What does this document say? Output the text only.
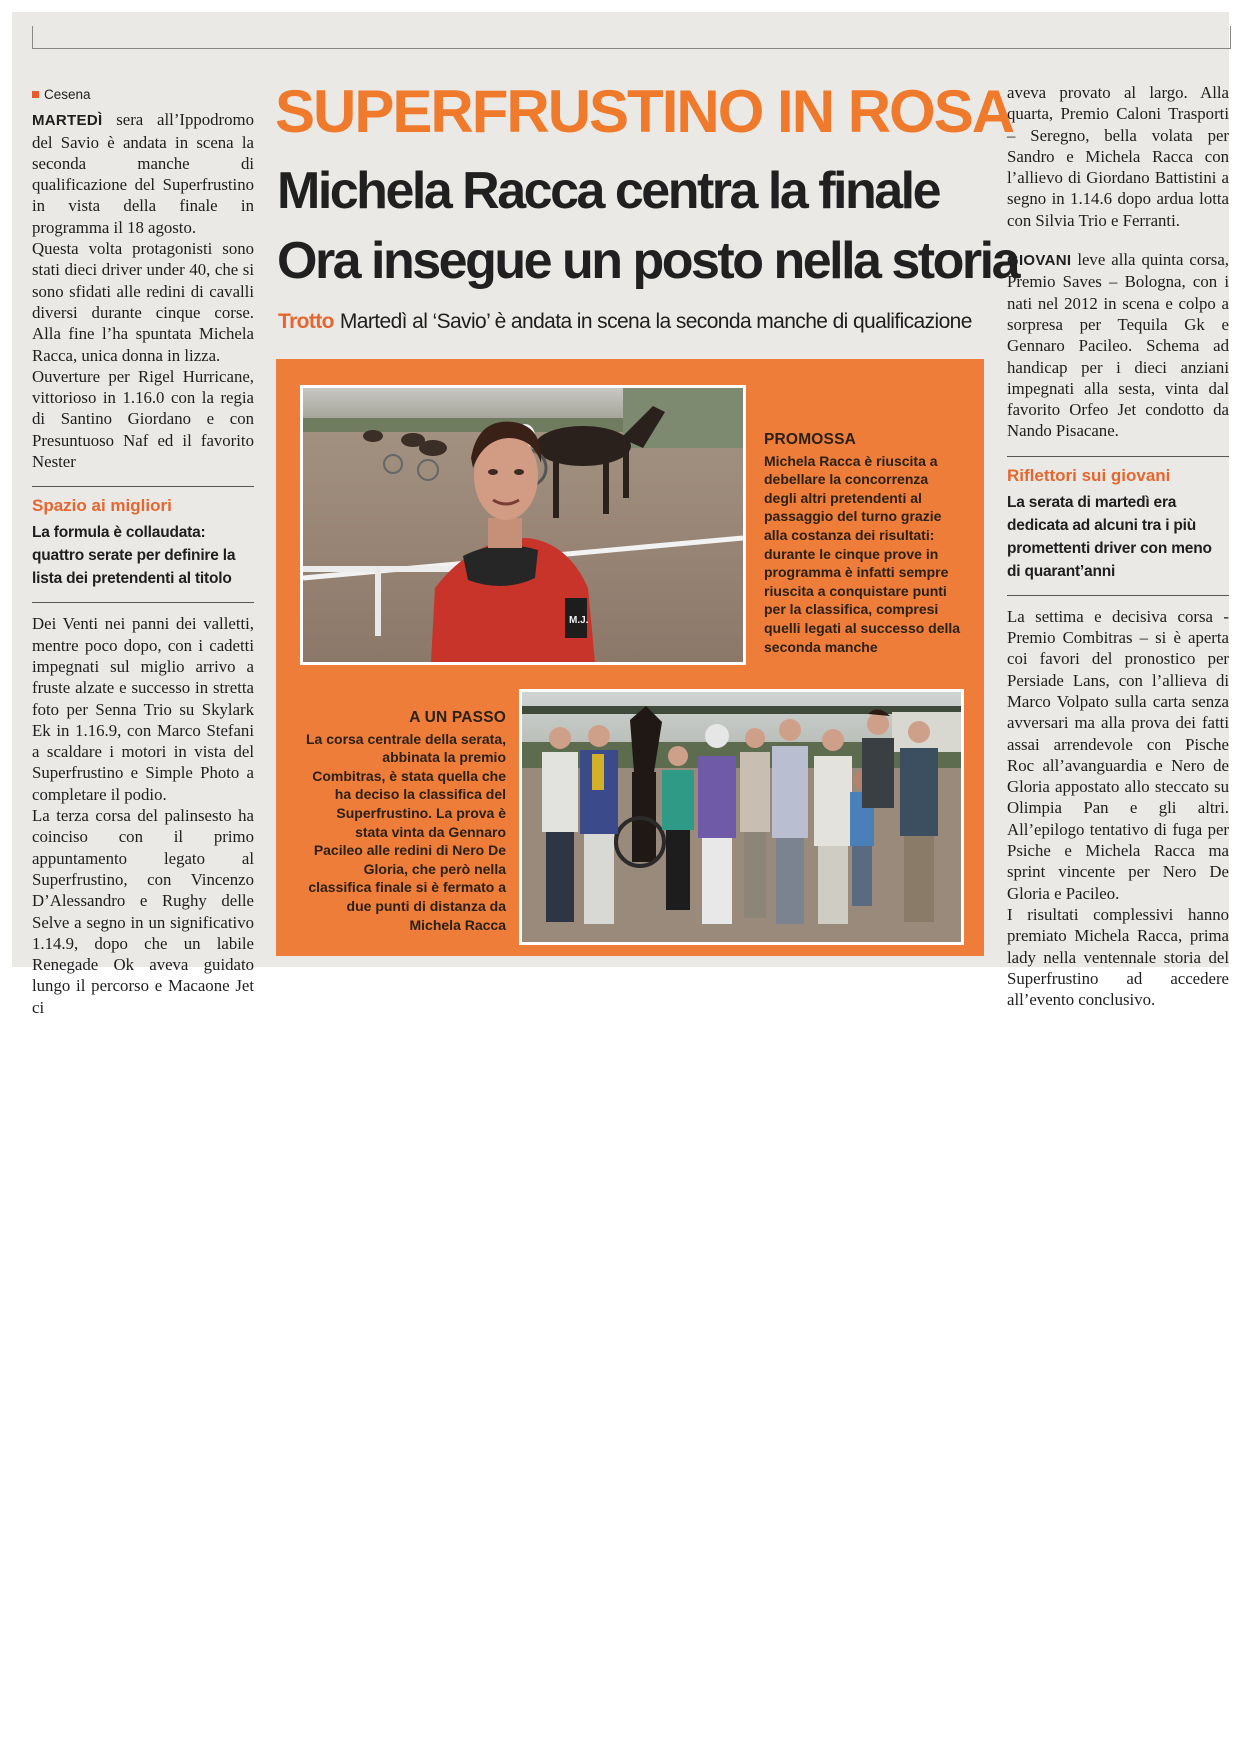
Cesena

MARTEDÌ sera all’Ippodromo del Savio è andata in scena la seconda manche di qualificazione del Superfrustino in vista della finale in programma il 18 agosto.

Questa volta protagonisti sono stati dieci driver under 40, che si sono sfidati alle redini di cavalli diversi durante cinque corse. Alla fine l’ha spuntata Michela Racca, unica donna in lizza.

Ouverture per Rigel Hurricane, vittorioso in 1.16.0 con la regia di Santino Giordano e con Presuntuoso Naf ed il favorito Nester

Spazio ai migliori
La formula è collaudata: quattro serate per definire la lista dei pretendenti al titolo

Dei Venti nei panni dei valletti, mentre poco dopo, con i cadetti impegnati sul miglio arrivo a fruste alzate e successo in stretta foto per Senna Trio su Skylark Ek in 1.16.9, con Marco Stefani a scaldare i motori in vista del Superfrustino e Simple Photo a completare il podio.

La terza corsa del palinsesto ha coinciso con il primo appuntamento legato al Superfrustino, con Vincenzo D’Alessandro e Rughy delle Selve a segno in un significativo 1.14.9, dopo che un labile Renegade Ok aveva guidato lungo il percorso e Macaone Jet ci

SUPERFRUSTINO IN ROSA
Michela Racca centra la finale
Ora insegue un posto nella storia
Trotto Martedì al ‘Savio’ è andata in scena la seconda manche di qualificazione
M.J.
PROMOSSA
Michela Racca è riuscita a debellare la concorrenza degli altri pretendenti al passaggio del turno grazie alla costanza dei risultati: durante le cinque prove in programma è infatti sempre riuscita a conquistare punti per la classifica, compresi quelli legati al successo della seconda manche
A UN PASSO
La corsa centrale della serata, abbinata la premio Combitras, è stata quella che ha deciso la classifica del Superfrustino. La prova è stata vinta da Gennaro Pacileo alle redini di Nero De Gloria, che però nella classifica finale si è fermato a due punti di distanza da Michela Racca

aveva provato al largo. Alla quarta, Premio Caloni Trasporti – Seregno, bella volata per Sandro e Michela Racca con l’allievo di Giordano Battistini a segno in 1.14.6 dopo ardua lotta con Silvia Trio e Ferranti.

GIOVANI leve alla quinta corsa, Premio Saves – Bologna, con i nati nel 2012 in scena e colpo a sorpresa per Tequila Gk e Gennaro Pacileo. Schema ad handicap per i dieci anziani impegnati alla sesta, vinta dal favorito Orfeo Jet condotto da Nando Pisacane.

Riflettori sui giovani
La serata di martedì era dedicata ad alcuni tra i più promettenti driver con meno di quarant’anni

La settima e decisiva corsa - Premio Combitras – si è aperta coi favori del pronostico per Persiade Lans, con l’allieva di Marco Volpato sulla carta senza avversari ma alla prova dei fatti assai arrendevole con Pische Roc all’avanguardia e Nero de Gloria appostato allo steccato su Olimpia Pan e gli altri. All’epilogo tentativo di fuga per Psiche e Michela Racca ma sprint vincente per Nero De Gloria e Pacileo.

I risultati complessivi hanno premiato Michela Racca, prima lady nella ventennale storia del Superfrustino ad accedere all’evento conclusivo.
